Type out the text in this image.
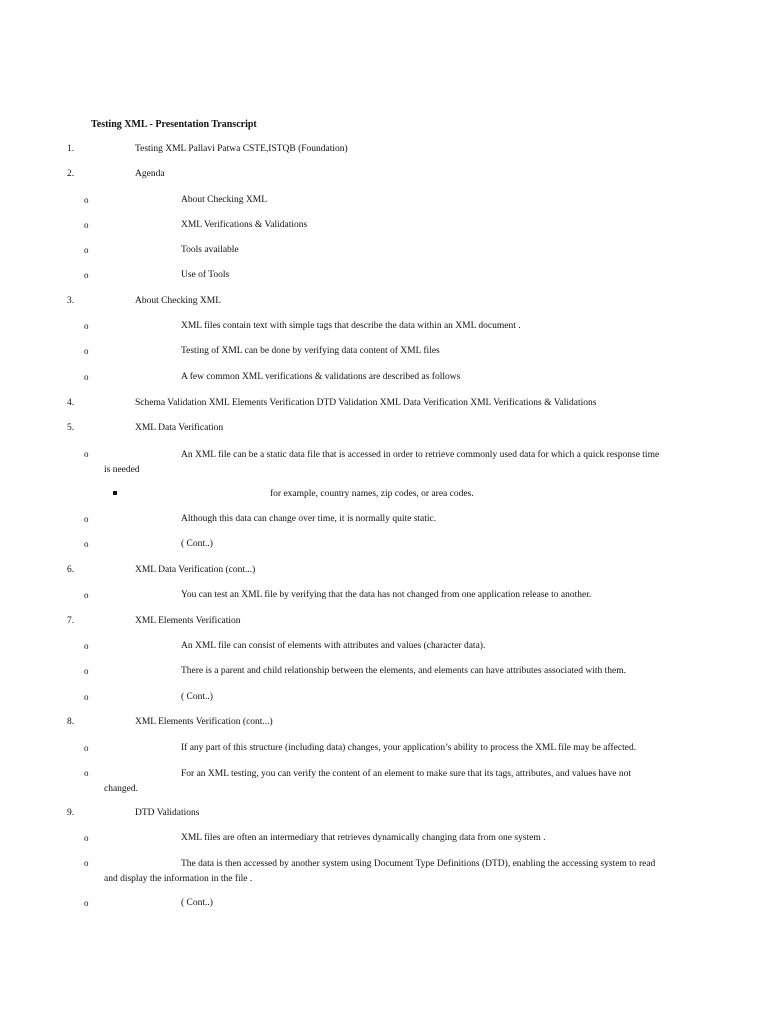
Testing XML - Presentation Transcript
1.	Testing XML Pallavi Patwa CSTE,ISTQB (Foundation)
2.	Agenda
o	About Checking XML
o	XML Verifications & Validations
o	Tools available
o	Use of Tools
3.	About Checking XML
o	XML files contain text with simple tags that describe the data within an XML document .
o	Testing of XML can be done by verifying data content of XML files
o	A few common XML verifications & validations are described as follows
4.	Schema Validation XML Elements Verification DTD Validation XML Data Verification XML Verifications & Validations
5.	XML Data Verification
o	An XML file can be a static data file that is accessed in order to retrieve commonly used data for which a quick response time is needed
for example, country names, zip codes, or area codes.
o	Although this data can change over time, it is normally quite static.
o	( Cont..)
6.	XML Data Verification (cont...)
o	You can test an XML file by verifying that the data has not changed from one application release to another.
7.	XML Elements Verification
o	An XML file can consist of elements with attributes and values (character data).
o	There is a parent and child relationship between the elements, and elements can have attributes associated with them.
o	( Cont..)
8.	XML Elements Verification (cont...)
o	If any part of this structure (including data) changes, your application’s ability to process the XML file may be affected.
o	For an XML testing, you can verify the content of an element to make sure that its tags, attributes, and values have not changed.
9.	DTD Validations
o	XML files are often an intermediary that retrieves dynamically changing data from one system .
o	The data is then accessed by another system using Document Type Definitions (DTD), enabling the accessing system to read and display the information in the file .
o	( Cont..)
